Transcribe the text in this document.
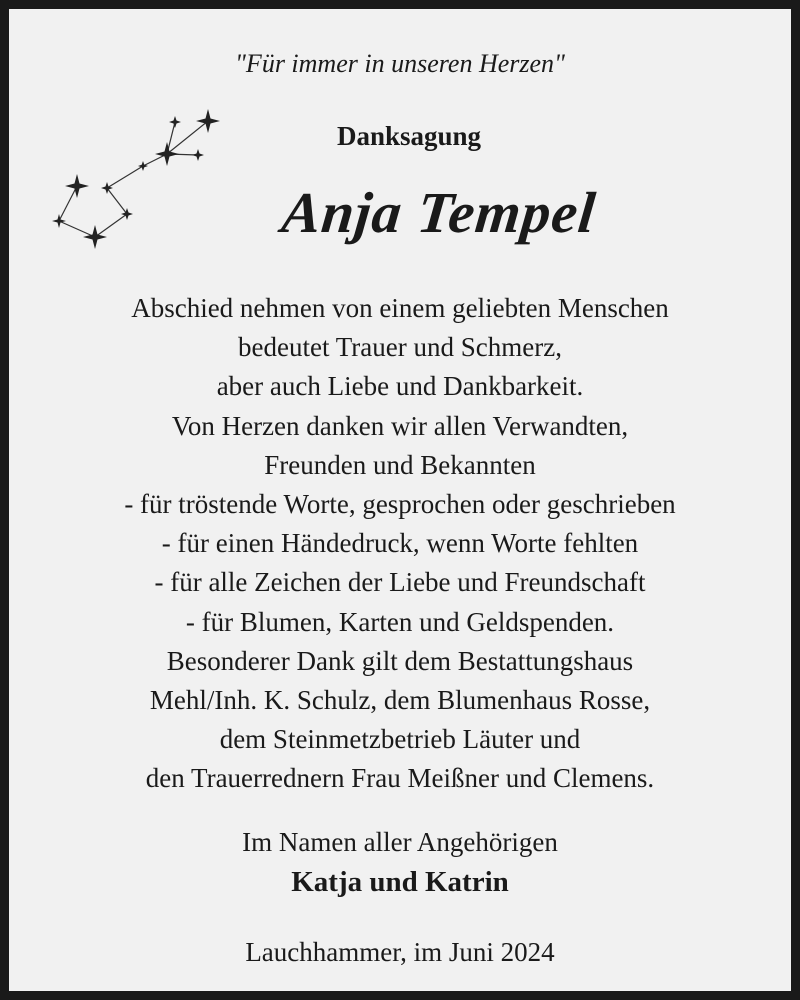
"Für immer in unseren Herzen"
Danksagung
Anja Tempel
Abschied nehmen von einem geliebten Menschen
bedeutet Trauer und Schmerz,
aber auch Liebe und Dankbarkeit.
Von Herzen danken wir allen Verwandten,
Freunden und Bekannten
- für tröstende Worte, gesprochen oder geschrieben
- für einen Händedruck, wenn Worte fehlten
- für alle Zeichen der Liebe und Freundschaft
- für Blumen, Karten und Geldspenden.
Besonderer Dank gilt dem Bestattungshaus
Mehl/Inh. K. Schulz, dem Blumenhaus Rosse,
dem Steinmetzbetrieb Läuter und
den Trauerrednern Frau Meißner und Clemens.
Im Namen aller Angehörigen
Katja und Katrin
Lauchhammer, im Juni 2024
